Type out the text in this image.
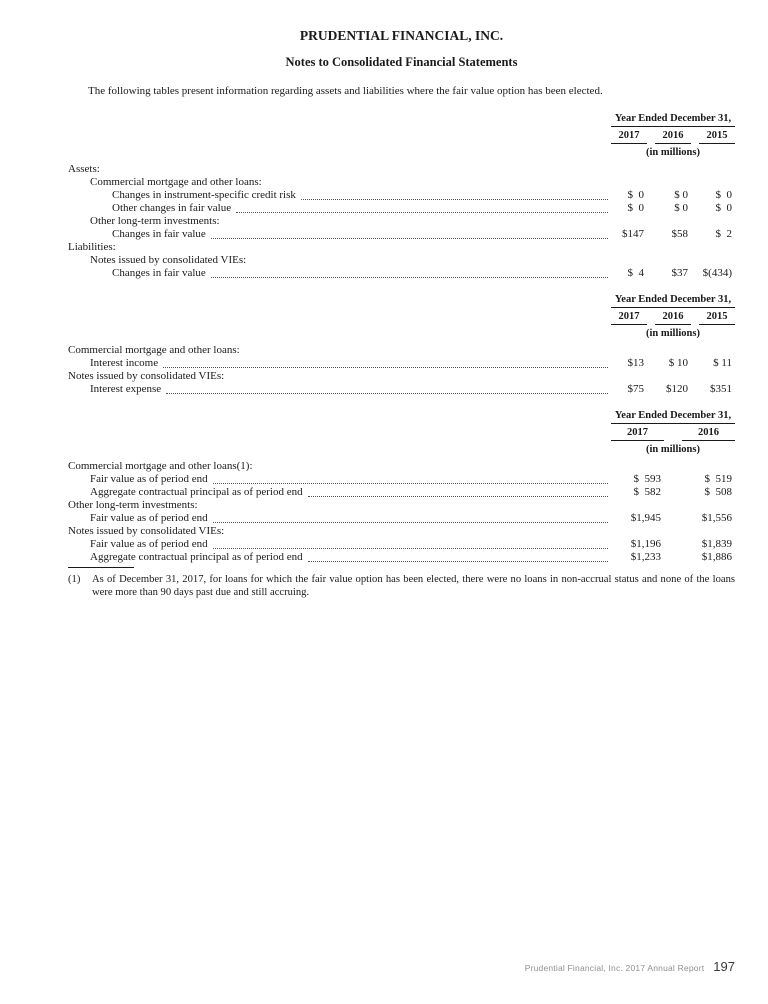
PRUDENTIAL FINANCIAL, INC.
Notes to Consolidated Financial Statements

The following tables present information regarding assets and liabilities where the fair value option has been elected.

Year Ended December 31,
2017	2016	2015
(in millions)
Assets:
Commercial mortgage and other loans:
Changes in instrument-specific credit risk	$  0	$ 0	$  0
Other changes in fair value	$  0	$ 0	$  0
Other long-term investments:
Changes in fair value	$147	$58	$  2
Liabilities:
Notes issued by consolidated VIEs:
Changes in fair value	$  4	$37	$(434)
Year Ended December 31,
2017	2016	2015
(in millions)
Commercial mortgage and other loans:
Interest income	$13	$ 10	$ 11
Notes issued by consolidated VIEs:
Interest expense	$75	$120	$351
Year Ended December 31,
2017	2016
(in millions)
Commercial mortgage and other loans(1):
Fair value as of period end	$  593	$  519
Aggregate contractual principal as of period end	$  582	$  508
Other long-term investments:
Fair value as of period end	$1,945	$1,556
Notes issued by consolidated VIEs:
Fair value as of period end	$1,196	$1,839
Aggregate contractual principal as of period end	$1,233	$1,886
(1)	As of December 31, 2017, for loans for which the fair value option has been elected, there were no loans in non-accrual status and none of the loans were more than 90 days past due and still accruing.
Prudential Financial, Inc. 2017 Annual Report 197
